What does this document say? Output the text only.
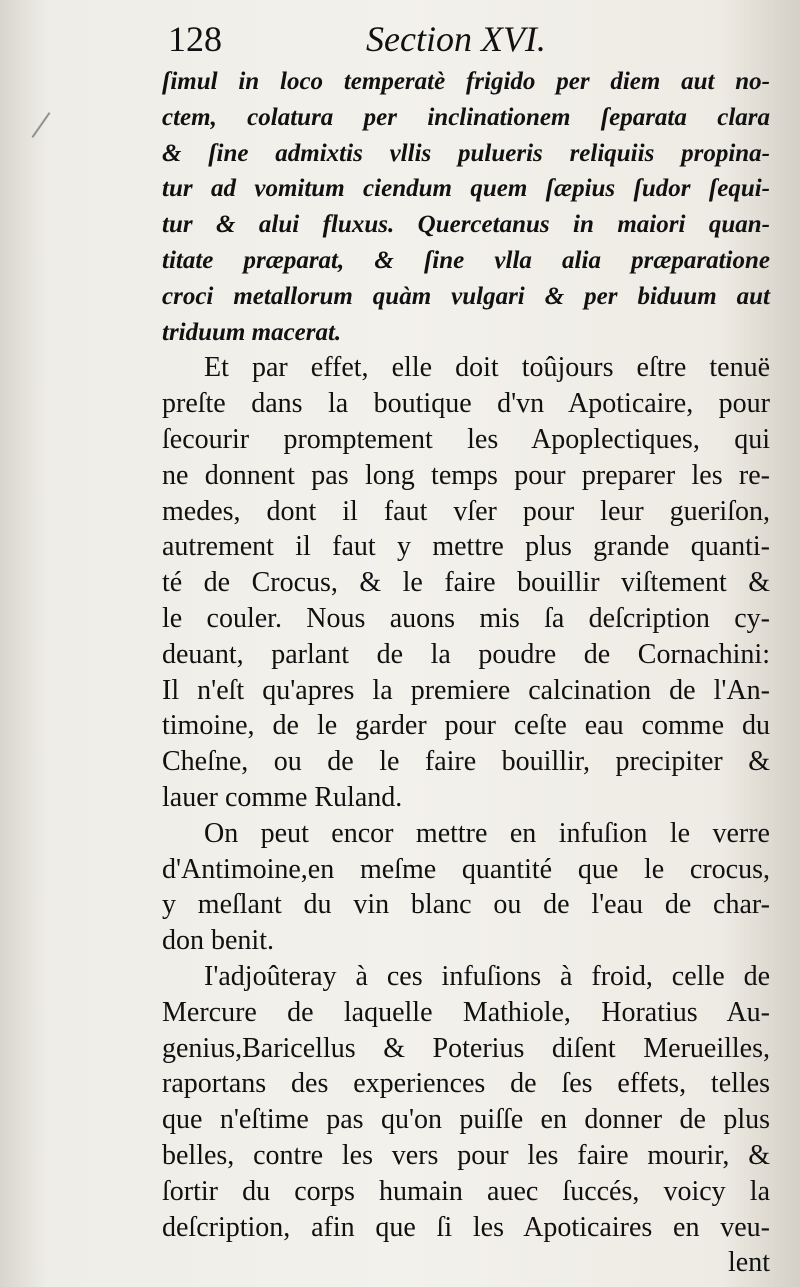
128	Section XVI.
ſimul in loco temperatè frigido per diem aut no-
ctem, colatura per inclinationem ſeparata clara
& ſine admixtis vllis pulueris reliquiis propina-
tur ad vomitum ciendum quem ſæpius ſudor ſequi-
tur & alui fluxus. Quercetanus in maiori quan-
titate præparat, & ſine vlla alia præparatione
croci metallorum quàm vulgari & per biduum aut
triduum macerat.
Et par effet, elle doit toûjours eſtre tenuë
preſte dans la boutique d'vn Apoticaire, pour
ſecourir promptement les Apoplectiques, qui
ne donnent pas long temps pour preparer les re-
medes, dont il faut vſer pour leur gueriſon,
autrement il faut y mettre plus grande quanti-
té de Crocus, & le faire bouillir viſtement &
le couler. Nous auons mis ſa deſcription cy-
deuant, parlant de la poudre de Cornachini:
Il n'eſt qu'apres la premiere calcination de l'An-
timoine, de le garder pour ceſte eau comme du
Cheſne, ou de le faire bouillir, precipiter &
lauer comme Ruland.
On peut encor mettre en infuſion le verre
d'Antimoine,en meſme quantité que le crocus,
y meſlant du vin blanc ou de l'eau de char-
don benit.
I'adjoûteray à ces infuſions à froid, celle de
Mercure de laquelle Mathiole, Horatius Au-
genius,Baricellus & Poterius diſent Merueilles,
raportans des experiences de ſes effets, telles
que n'eſtime pas qu'on puiſſe en donner de plus
belles, contre les vers pour les faire mourir, &
ſortir du corps humain auec ſuccés, voicy la
deſcription, afin que ſi les Apoticaires en veu-
lent
